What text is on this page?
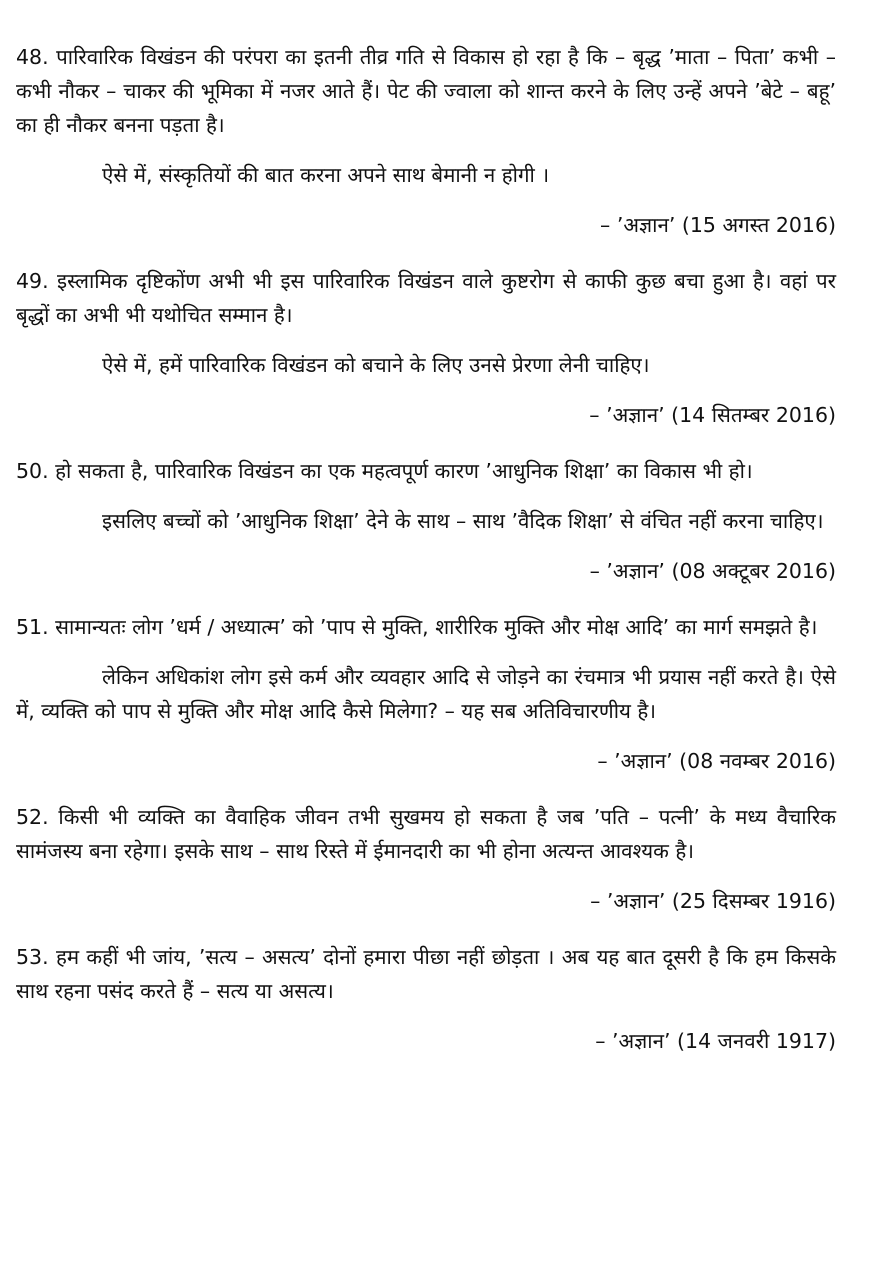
48. पारिवारिक विखंडन की परंपरा का इतनी तीव्र गति से विकास हो रहा है कि – बृद्ध ’माता – पिता’ कभी – कभी नौकर – चाकर की भूमिका में नजर आते हैं। पेट की ज्वाला को शान्त करने के लिए उन्हें अपने ’बेटे – बहू’ का ही नौकर बनना पड़ता है।

ऐसे में, संस्कृतियों की बात करना अपने साथ बेमानी न होगी ।

– ’अज्ञान’ (15 अगस्त 2016)

49. इस्लामिक दृष्टिकोंण अभी भी इस पारिवारिक विखंडन वाले कुष्टरोग से काफी कुछ बचा हुआ है। वहां पर बृद्धों का अभी भी यथोचित सम्मान है।

ऐसे में, हमें पारिवारिक विखंडन को बचाने के लिए उनसे प्रेरणा लेनी चाहिए।

– ’अज्ञान’ (14 सितम्बर 2016)

50. हो सकता है, पारिवारिक विखंडन का एक महत्वपूर्ण कारण ’आधुनिक शिक्षा’ का विकास भी हो।

इसलिए बच्चों को ’आधुनिक शिक्षा’ देने के साथ – साथ ’वैदिक शिक्षा’ से वंचित नहीं करना चाहिए।

– ’अज्ञान’ (08 अक्टूबर 2016)

51. सामान्यतः लोग ’धर्म / अध्यात्म’ को ’पाप से मुक्ति, शारीरिक मुक्ति और मोक्ष आदि’ का मार्ग समझते है।

लेकिन अधिकांश लोग इसे कर्म और व्यवहार आदि से जोड़ने का रंचमात्र भी प्रयास नहीं करते है। ऐसे में, व्यक्ति को पाप से मुक्ति और मोक्ष आदि कैसे मिलेगा? – यह सब अतिविचारणीय है।

– ’अज्ञान’ (08 नवम्बर 2016)

52. किसी भी व्यक्ति का वैवाहिक जीवन तभी सुखमय हो सकता है जब ’पति – पत्नी’ के मध्य वैचारिक सामंजस्य बना रहेगा। इसके साथ – साथ रिस्ते में ईमानदारी का भी होना अत्यन्त आवश्यक है।

– ’अज्ञान’ (25 दिसम्बर 1916)

53. हम कहीं भी जांय, ’सत्य – असत्य’ दोनों हमारा पीछा नहीं छोड़ता । अब यह बात दूसरी है कि हम किसके साथ रहना पसंद करते हैं – सत्य या असत्य।

– ’अज्ञान’ (14 जनवरी 1917)
